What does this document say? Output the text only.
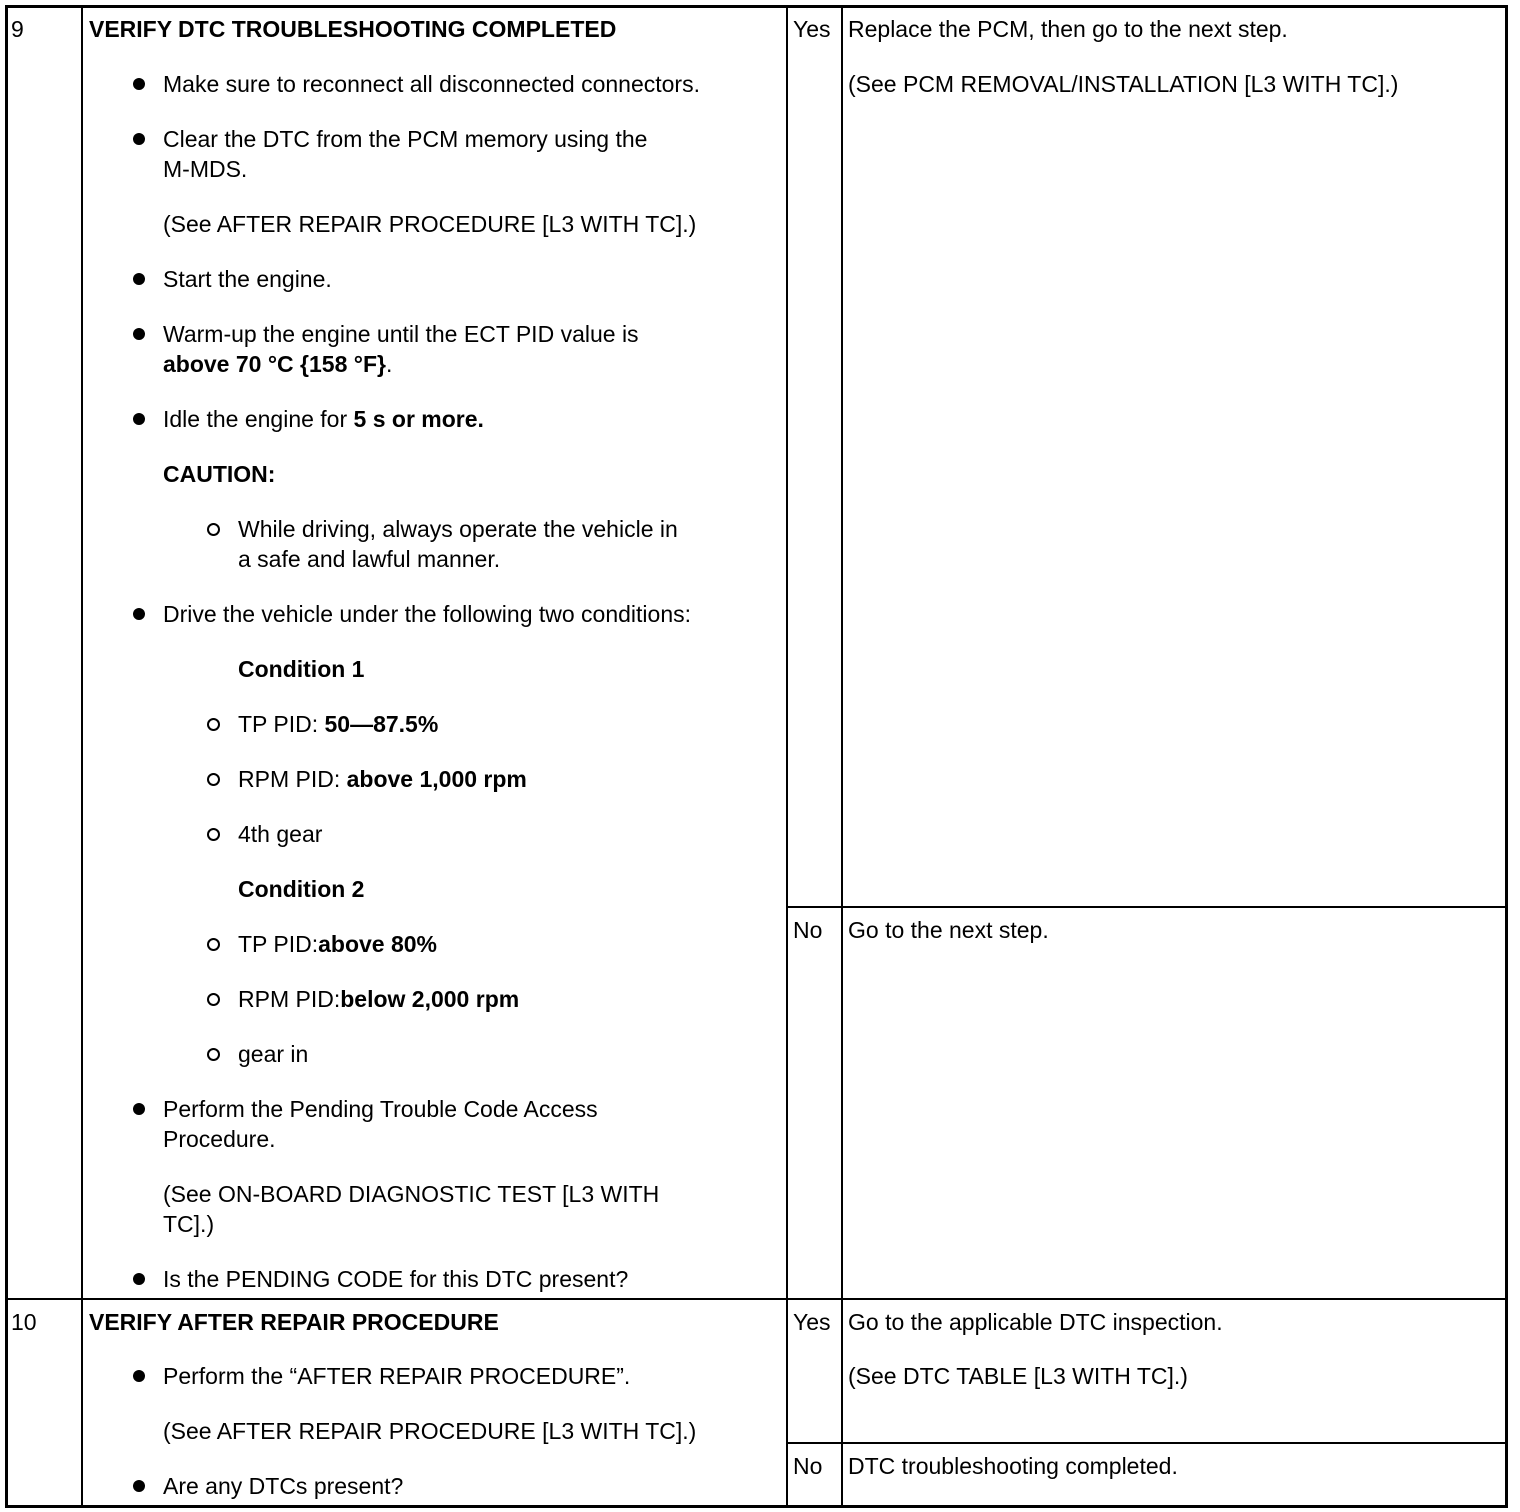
9	VERIFY DTC TROUBLESHOOTING COMPLETED
Make sure to reconnect all disconnected connectors.
Clear the DTC from the PCM memory using the
M-MDS.
(See AFTER REPAIR PROCEDURE [L3 WITH TC].)
Start the engine.
Warm-up the engine until the ECT PID value is
above 70 °C {158 °F}.
Idle the engine for 5 s or more.
CAUTION:
While driving, always operate the vehicle in
a safe and lawful manner.
Drive the vehicle under the following two conditions:
Condition 1
TP PID: 50—87.5%
RPM PID: above 1,000 rpm
4th gear
Condition 2
TP PID:above 80%
RPM PID:below 2,000 rpm
gear in
Perform the Pending Trouble Code Access
Procedure.
(See ON-BOARD DIAGNOSTIC TEST [L3 WITH
TC].)
Is the PENDING CODE for this DTC present?
Yes Replace the PCM, then go to the next step.
(See PCM REMOVAL/INSTALLATION [L3 WITH TC].)
No Go to the next step.
10 VERIFY AFTER REPAIR PROCEDURE
Perform the “AFTER REPAIR PROCEDURE”.
(See AFTER REPAIR PROCEDURE [L3 WITH TC].)
Are any DTCs present?
Yes Go to the applicable DTC inspection.
(See DTC TABLE [L3 WITH TC].)
No DTC troubleshooting completed.
